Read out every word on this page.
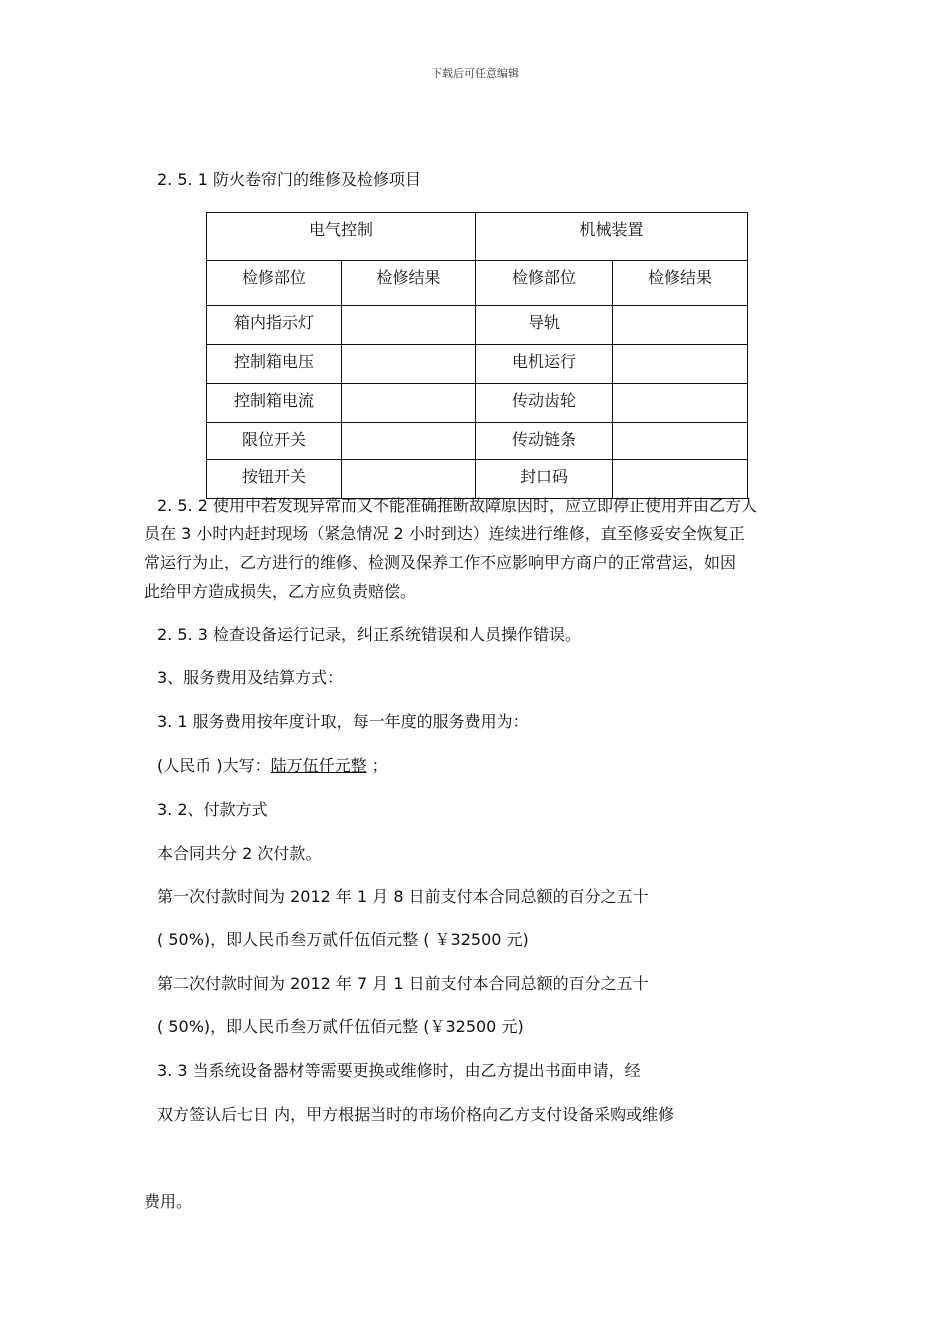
下载后可任意编辑
2. 5. 1 防火卷帘门的维修及检修项目
电气控制		机械装置	
检修部位	检修结果	检修部位	检修结果
箱内指示灯		导轨	
控制箱电压		电机运行	
控制箱电流		传动齿轮	
限位开关		传动链条	
按钮开关		封口码	
2. 5. 2 使用中若发现异常而又不能准确推断故障原因时，应立即停止使用并由乙方人
员在 3 小时内赶封现场（紧急情况 2 小时到达）连续进行维修，直至修妥安全恢复正
常运行为止，乙方进行的维修、检测及保养工作不应影响甲方商户的正常营运，如因
此给甲方造成损失，乙方应负责赔偿。
2. 5. 3 检查设备运行记录，纠正系统错误和人员操作错误。
3、服务费用及结算方式：
3. 1 服务费用按年度计取，每一年度的服务费用为：
(人民币 )大写：陆万伍仟元整 ；
3. 2、付款方式
本合同共分 2 次付款。
第一次付款时间为 2012 年 1 月 8 日前支付本合同总额的百分之五十
( 50%)，即人民币叁万贰仟伍佰元整 ( ￥32500 元)
第二次付款时间为 2012 年 7 月 1 日前支付本合同总额的百分之五十
( 50%)，即人民币叁万贰仟伍佰元整 (￥32500 元)
3. 3 当系统设备器材等需要更换或维修时，由乙方提出书面申请，经
双方签认后七日 内，甲方根据当时的市场价格向乙方支付设备采购或维修
费用。
